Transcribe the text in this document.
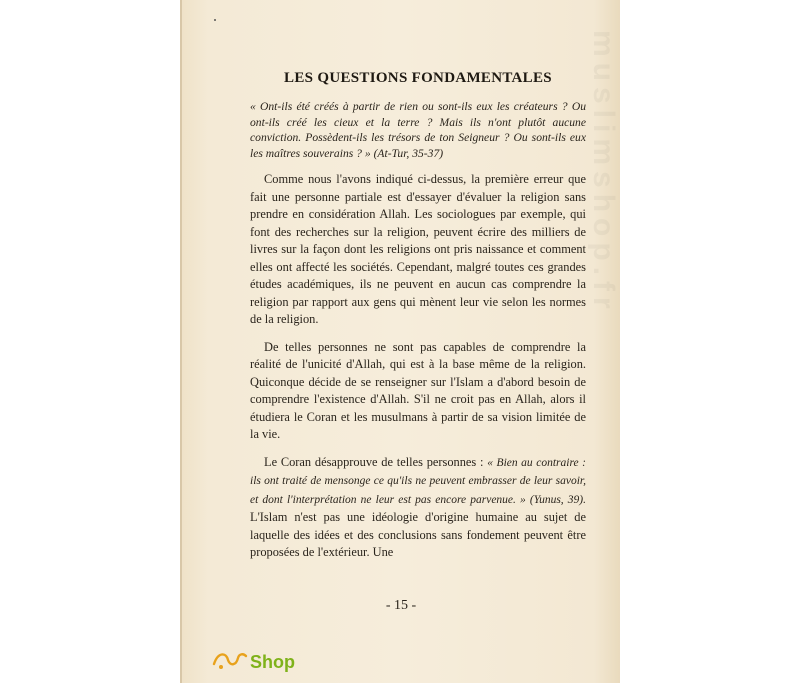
LES QUESTIONS FONDAMENTALES

« Ont-ils été créés à partir de rien ou sont-ils eux les créateurs ? Ou ont-ils créé les cieux et la terre ? Mais ils n'ont plutôt aucune conviction. Possèdent-ils les trésors de ton Seigneur ? Ou sont-ils eux les maîtres souverains ? » (At-Tur, 35-37)

Comme nous l'avons indiqué ci-dessus, la première erreur que fait une personne partiale est d'essayer d'évaluer la religion sans prendre en considération Allah. Les sociologues par exemple, qui font des recherches sur la religion, peuvent écrire des milliers de livres sur la façon dont les religions ont pris naissance et comment elles ont affecté les sociétés. Cependant, malgré toutes ces grandes études académiques, ils ne peuvent en aucun cas comprendre la religion par rapport aux gens qui mènent leur vie selon les normes de la religion.

De telles personnes ne sont pas capables de comprendre la réalité de l'unicité d'Allah, qui est à la base même de la religion. Quiconque décide de se renseigner sur l'Islam a d'abord besoin de comprendre l'existence d'Allah. S'il ne croit pas en Allah, alors il étudiera le Coran et les musulmans à partir de sa vision limitée de la vie.

Le Coran désapprouve de telles personnes : « Bien au contraire : ils ont traité de mensonge ce qu'ils ne peuvent embrasser de leur savoir, et dont l'interprétation ne leur est pas encore parvenue. » (Yunus, 39). L'Islam n'est pas une idéologie d'origine humaine au sujet de laquelle des idées et des conclusions sans fondement peuvent être proposées de l'extérieur. Une

- 15 -
Shop
